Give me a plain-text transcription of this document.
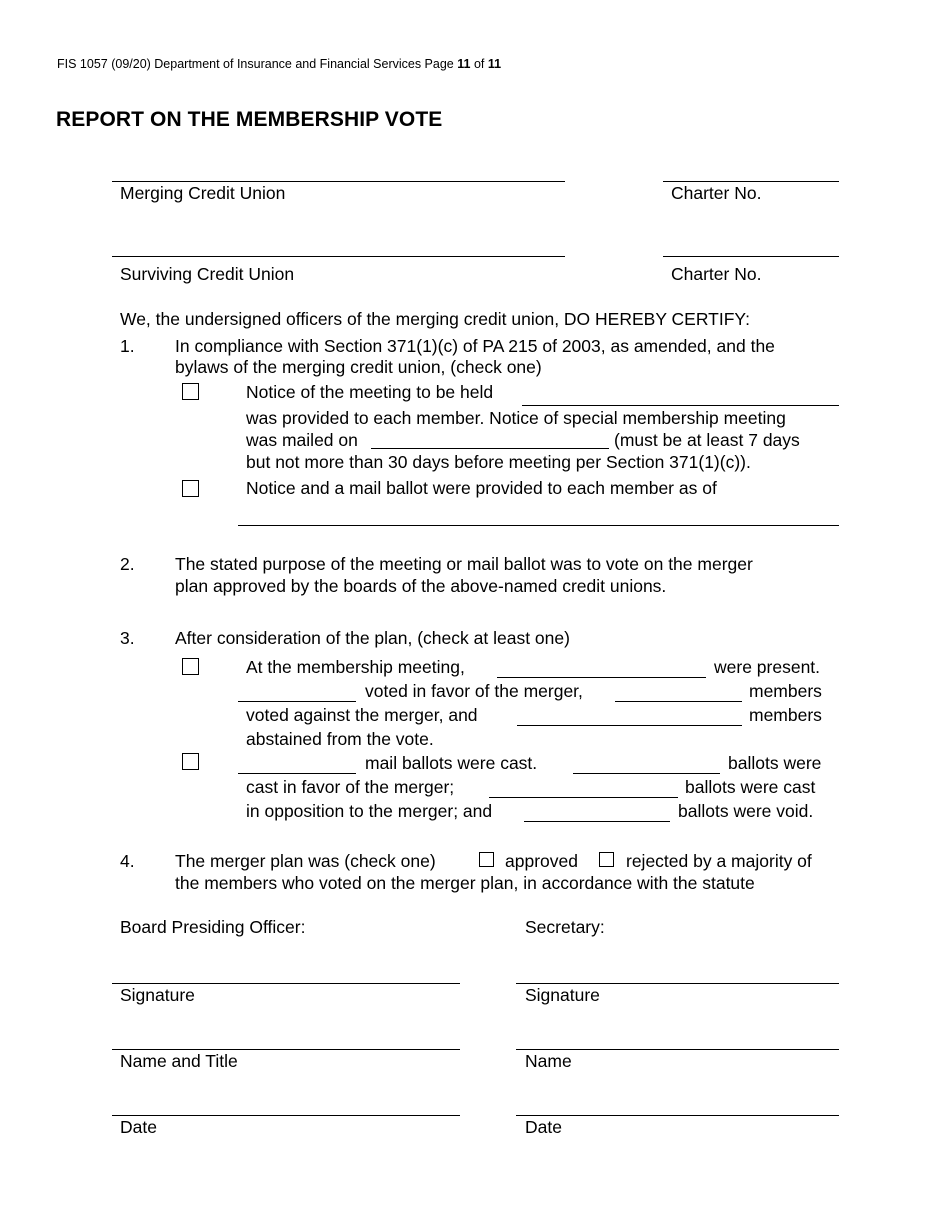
FIS 1057 (09/20) Department of Insurance and Financial Services Page 11 of 11
REPORT ON THE MEMBERSHIP VOTE
Merging Credit Union	Charter No.
Surviving Credit Union	Charter No.
We, the undersigned officers of the merging credit union, DO HEREBY CERTIFY:
1. In compliance with Section 371(1)(c) of PA 215 of 2003, as amended, and the
bylaws of the merging credit union, (check one)
Notice of the meeting to be held
was provided to each member. Notice of special membership meeting
was mailed on	(must be at least 7 days
but not more than 30 days before meeting per Section 371(1)(c)).
Notice and a mail ballot were provided to each member as of
2. The stated purpose of the meeting or mail ballot was to vote on the merger
plan approved by the boards of the above-named credit unions.
3. After consideration of the plan, (check at least one)
At the membership meeting,	were present.
voted in favor of the merger,	members
voted against the merger, and	members
abstained from the vote.
mail ballots were cast.	ballots were
cast in favor of the merger;	ballots were cast
in opposition to the merger; and	ballots were void.
4. The merger plan was (check one)	approved	rejected by a majority of
the members who voted on the merger plan, in accordance with the statute
Board Presiding Officer:	Secretary:
Signature	Signature
Name and Title	Name
Date	Date
